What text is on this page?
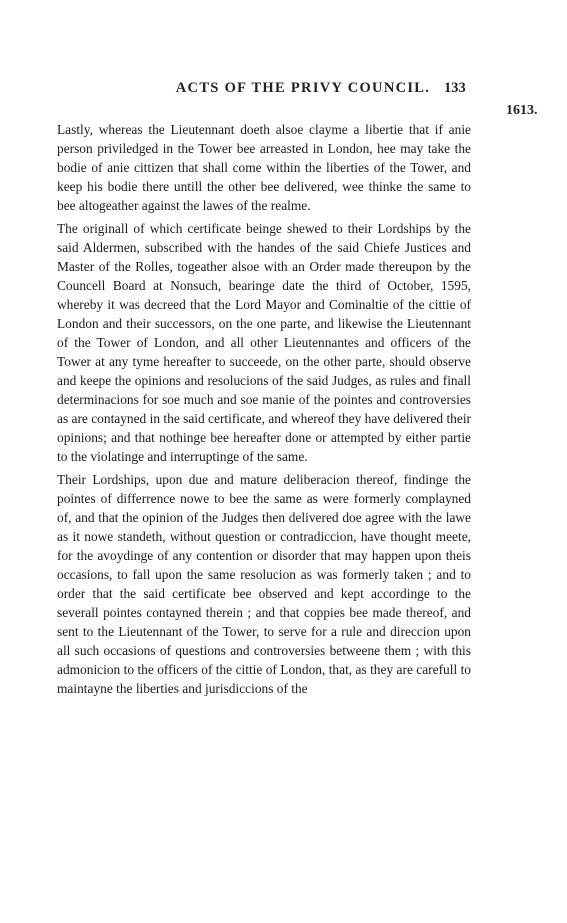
ACTS OF THE PRIVY COUNCIL. 133
1613.

Lastly, whereas the Lieutennant doeth alsoe clayme a libertie that if anie person priviledged in the Tower bee arreasted in London, hee may take the bodie of anie cittizen that shall come within the liberties of the Tower, and keep his bodie there untill the other bee delivered, wee thinke the same to bee altogeather against the lawes of the realme.

The originall of which certificate beinge shewed to their Lordships by the said Aldermen, subscribed with the handes of the said Chiefe Justices and Master of the Rolles, togeather alsoe with an Order made thereupon by the Councell Board at Nonsuch, bearinge date the third of October, 1595, whereby it was decreed that the Lord Mayor and Cominaltie of the cittie of London and their successors, on the one parte, and likewise the Lieutennant of the Tower of London, and all other Lieutennantes and officers of the Tower at any tyme hereafter to succeede, on the other parte, should observe and keepe the opinions and resolucions of the said Judges, as rules and finall determinacions for soe much and soe manie of the pointes and controversies as are contayned in the said certificate, and whereof they have delivered their opinions; and that nothinge bee hereafter done or attempted by either partie to the violatinge and interruptinge of the same.

Their Lordships, upon due and mature deliberacion thereof, findinge the pointes of differrence nowe to bee the same as were formerly complayned of, and that the opinion of the Judges then delivered doe agree with the lawe as it nowe standeth, without question or contradiccion, have thought meete, for the avoydinge of any contention or disorder that may happen upon theis occasions, to fall upon the same resolucion as was formerly taken ; and to order that the said certificate bee observed and kept accordinge to the severall pointes contayned therein ; and that coppies bee made thereof, and sent to the Lieutennant of the Tower, to serve for a rule and direccion upon all such occasions of questions and controversies betweene them ; with this admonicion to the officers of the cittie of London, that, as they are carefull to maintayne the liberties and jurisdiccions of the
